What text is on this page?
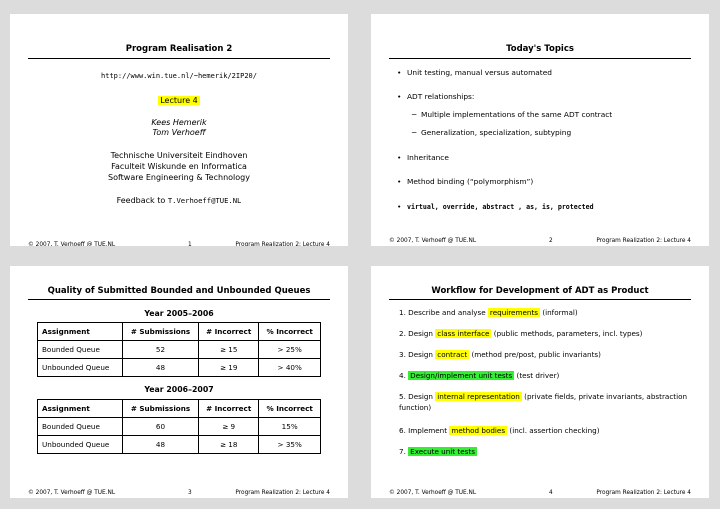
Program Realisation 2
http://www.win.tue.nl/~hemerik/2IP20/
Lecture 4
Kees Hemerik
Tom Verhoeff
Technische Universiteit Eindhoven
Faculteit Wiskunde en Informatica
Software Engineering & Technology
Feedback to T.Verhoeff@TUE.NL
© 2007, T. Verhoeff @ TUE.NL	1	Program Realization 2: Lecture 4
Today's Topics
• Unit testing, manual versus automated
• ADT relationships:
− Multiple implementations of the same ADT contract
− Generalization, specialization, subtyping
• Inheritance
• Method binding (“polymorphism”)
• virtual, override, abstract , as, is, protected
© 2007, T. Verhoeff @ TUE.NL	2	Program Realization 2: Lecture 4
Quality of Submitted Bounded and Unbounded Queues
Year 2005–2006
Assignment	# Submissions	# Incorrect	% Incorrect
Bounded Queue	52	≥ 15	> 25%
Unbounded Queue	48	≥ 19	> 40%
Year 2006–2007
Assignment	# Submissions	# Incorrect	% Incorrect
Bounded Queue	60	≥ 9	15%
Unbounded Queue	48	≥ 18	> 35%
© 2007, T. Verhoeff @ TUE.NL	3	Program Realization 2: Lecture 4
Workflow for Development of ADT as Product
1. Describe and analyse requirements (informal)
2. Design class interface (public methods, parameters, incl. types)
3. Design contract (method pre/post, public invariants)
4. Design/implement unit tests (test driver)
5. Design internal representation (private fields, private invariants, abstraction function)
6. Implement method bodies (incl. assertion checking)
7. Execute unit tests
© 2007, T. Verhoeff @ TUE.NL	4	Program Realization 2: Lecture 4
